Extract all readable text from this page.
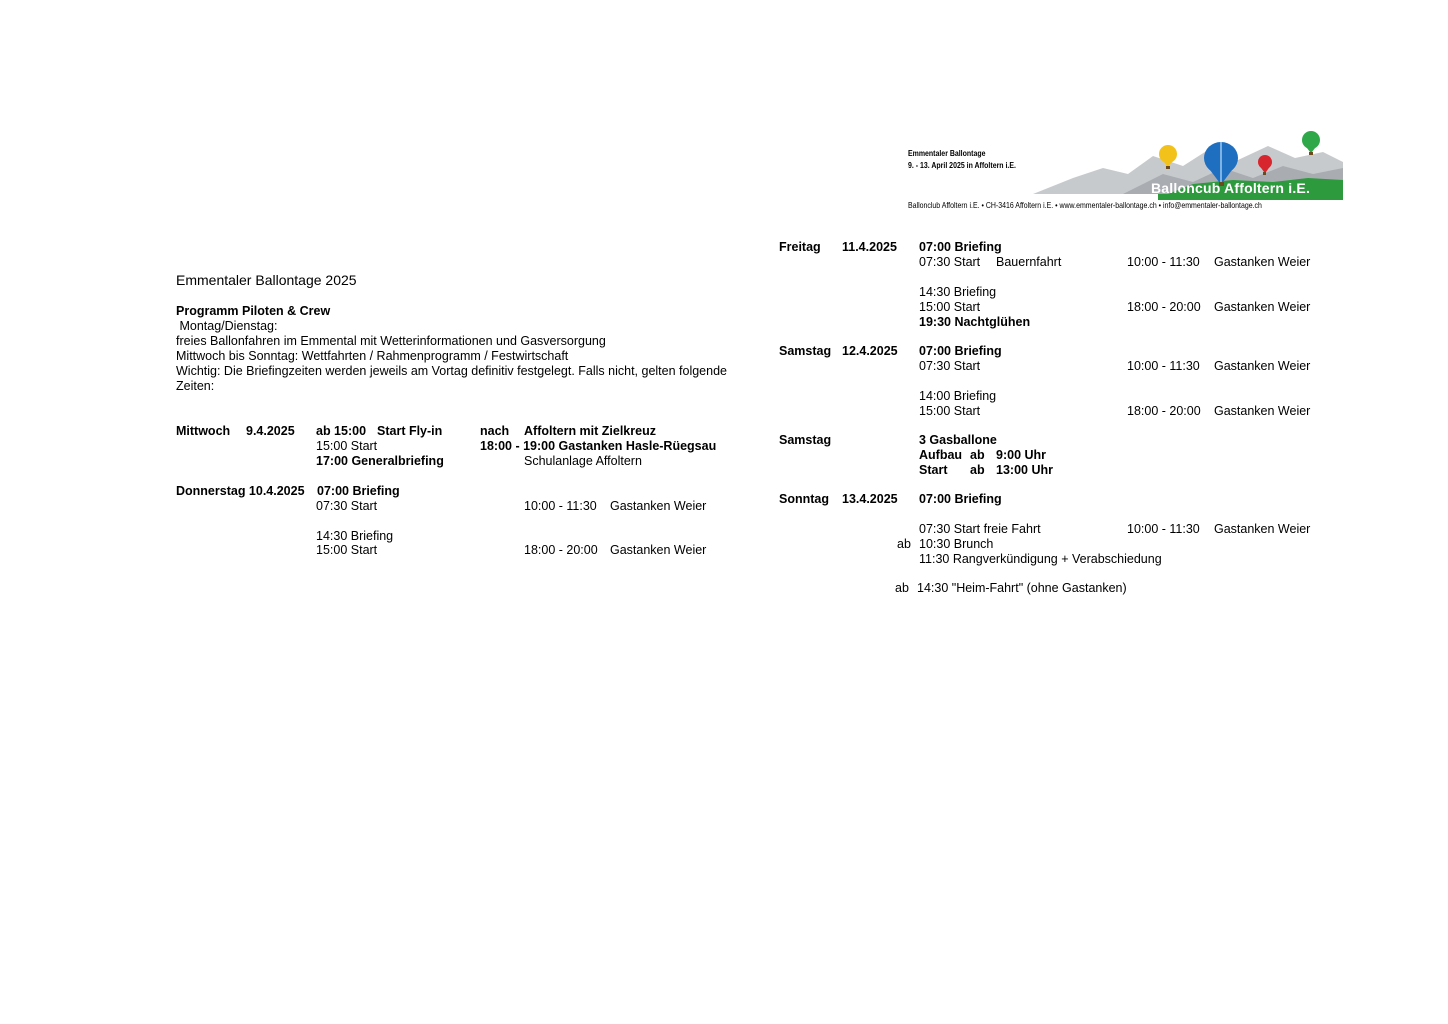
Emmentaler Ballontage
9. - 13. April 2025 in Affoltern i.E.
Balloncub Affoltern i.E.
Ballonclub Affoltern i.E. • CH-3416 Affoltern i.E. • www.emmentaler-ballontage.ch • info@emmentaler-ballontage.ch
Emmentaler Ballontage 2025
Programm Piloten & Crew
Montag/Dienstag:
freies Ballonfahren im Emmental mit Wetterinformationen und Gasversorgung
Mittwoch bis Sonntag: Wettfahrten / Rahmenprogramm / Festwirtschaft
Wichtig: Die Briefingzeiten werden jeweils am Vortag definitiv festgelegt. Falls nicht, gelten folgende
Zeiten:
Mittwoch 9.4.2025 ab 15:00 Start Fly-in	nach Affoltern mit Zielkreuz
15:00 Start	18:00 - 19:00 Gastanken Hasle-Rüegsau
17:00 Generalbriefing	Schulanlage Affoltern
Donnerstag 10.4.2025 07:00 Briefing
07:30 Start	10:00 - 11:30 Gastanken Weier
14:30 Briefing
15:00 Start	18:00 - 20:00 Gastanken Weier
Freitag 11.4.2025 07:00 Briefing
07:30 Start Bauernfahrt	10:00 - 11:30 Gastanken Weier
14:30 Briefing
15:00 Start	18:00 - 20:00 Gastanken Weier
19:30 Nachtglühen
Samstag 12.4.2025 07:00 Briefing
07:30 Start	10:00 - 11:30 Gastanken Weier
14:00 Briefing
15:00 Start	18:00 - 20:00 Gastanken Weier
Samstag	3 Gasballone
Aufbau ab 9:00 Uhr
Start ab 13:00 Uhr
Sonntag 13.4.2025 07:00 Briefing
07:30 Start freie Fahrt	10:00 - 11:30 Gastanken Weier
ab 10:30 Brunch
11:30 Rangverkündigung + Verabschiedung
ab 14:30 "Heim-Fahrt" (ohne Gastanken)
